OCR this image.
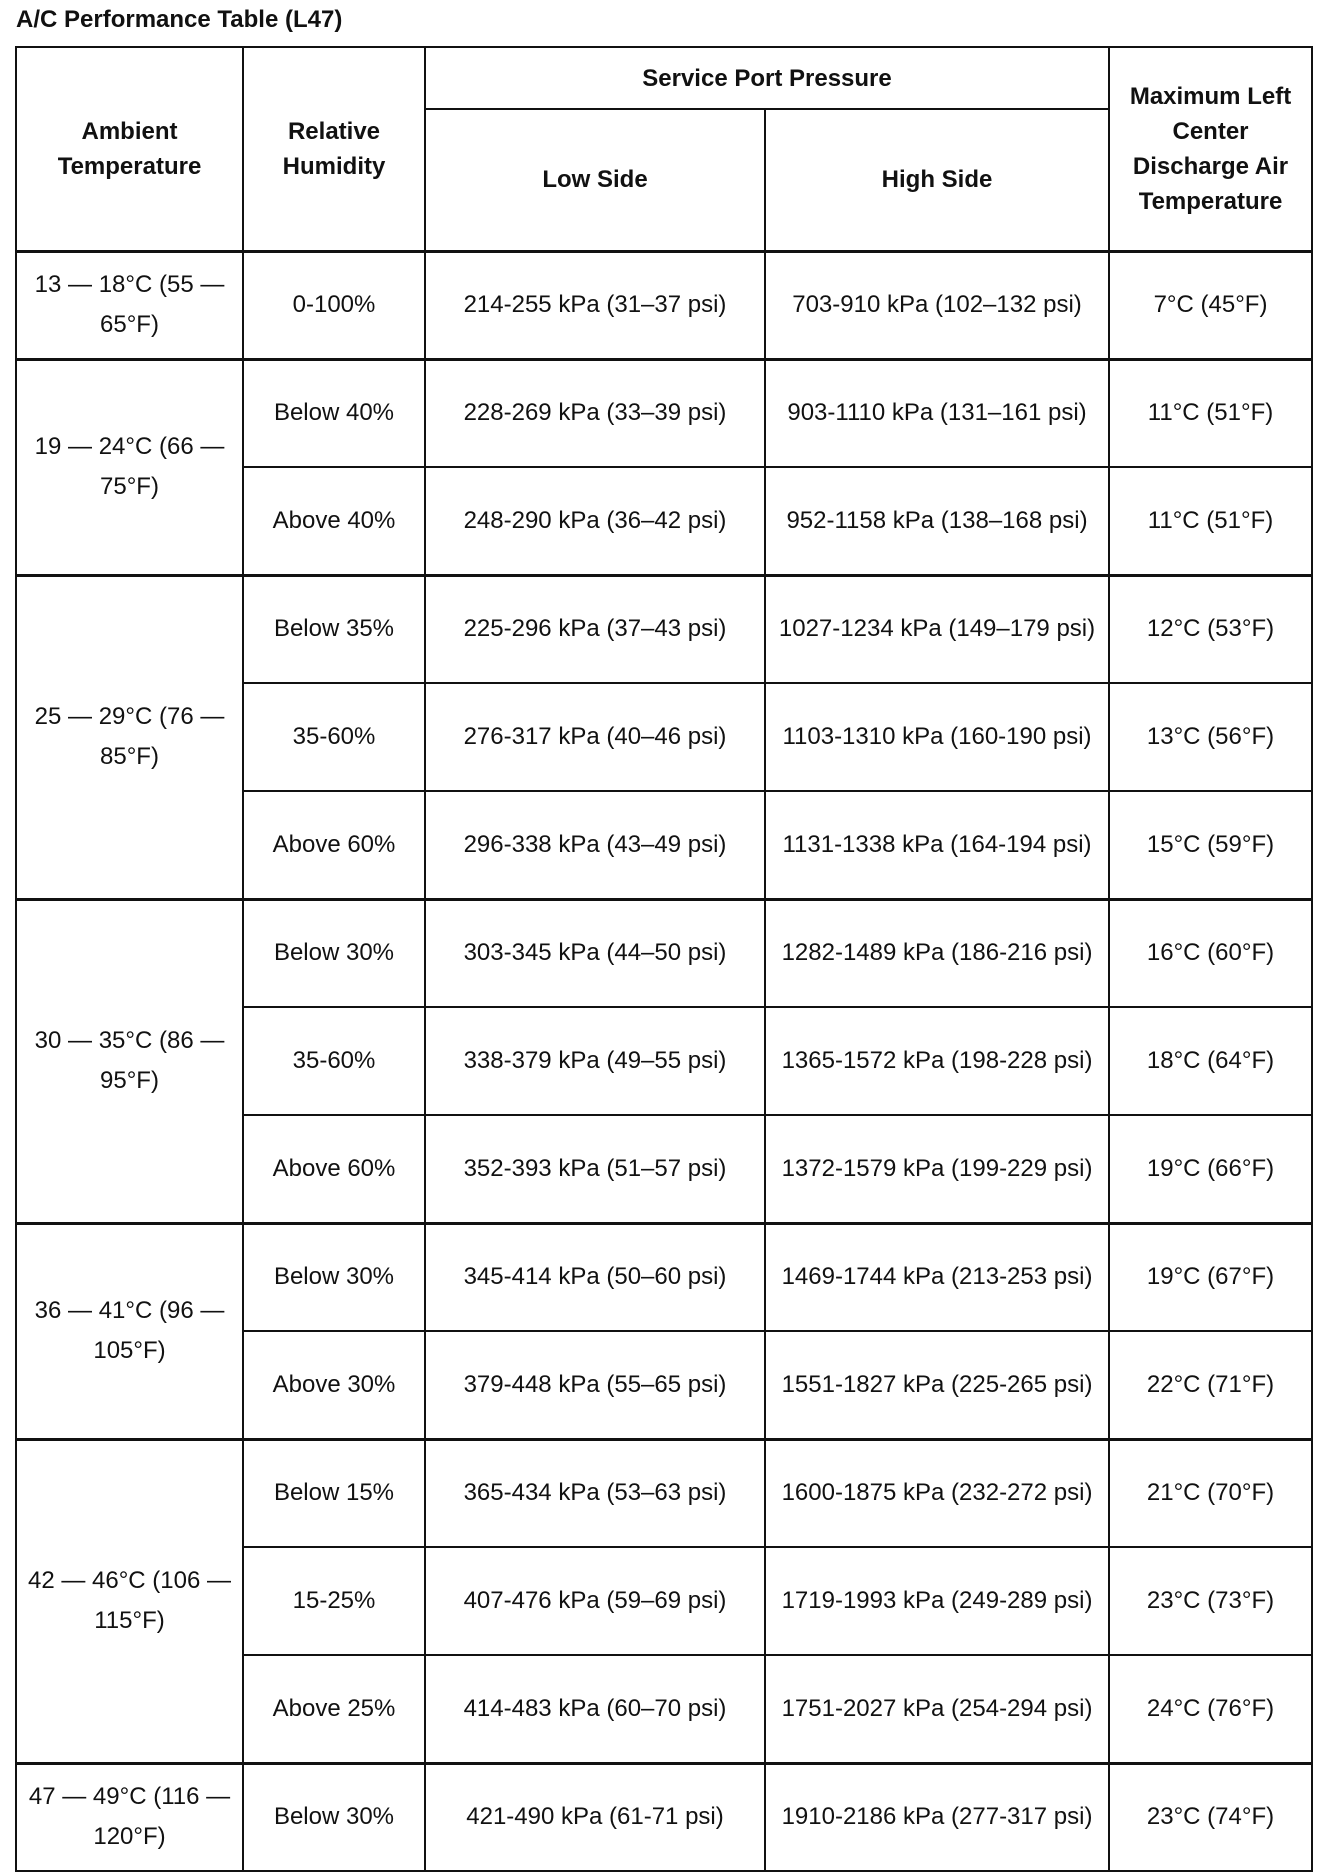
A/C Performance Table (L47)
Ambient Temperature	Relative Humidity	Service Port Pressure		Maximum Left Center Discharge Air Temperature
		Low Side	High Side	
13 — 18°C (55 — 65°F)	0-100%	214-255 kPa (31–37 psi)	703-910 kPa (102–132 psi)	7°C (45°F)
19 — 24°C (66 — 75°F)	Below 40%	228-269 kPa (33–39 psi)	903-1110 kPa (131–161 psi)	11°C (51°F)
	Above 40%	248-290 kPa (36–42 psi)	952-1158 kPa (138–168 psi)	11°C (51°F)
25 — 29°C (76 — 85°F)	Below 35%	225-296 kPa (37–43 psi)	1027-1234 kPa (149–179 psi)	12°C (53°F)
	35-60%	276-317 kPa (40–46 psi)	1103-1310 kPa (160-190 psi)	13°C (56°F)
	Above 60%	296-338 kPa (43–49 psi)	1131-1338 kPa (164-194 psi)	15°C (59°F)
30 — 35°C (86 — 95°F)	Below 30%	303-345 kPa (44–50 psi)	1282-1489 kPa (186-216 psi)	16°C (60°F)
	35-60%	338-379 kPa (49–55 psi)	1365-1572 kPa (198-228 psi)	18°C (64°F)
	Above 60%	352-393 kPa (51–57 psi)	1372-1579 kPa (199-229 psi)	19°C (66°F)
36 — 41°C (96 — 105°F)	Below 30%	345-414 kPa (50–60 psi)	1469-1744 kPa (213-253 psi)	19°C (67°F)
	Above 30%	379-448 kPa (55–65 psi)	1551-1827 kPa (225-265 psi)	22°C (71°F)
42 — 46°C (106 — 115°F)	Below 15%	365-434 kPa (53–63 psi)	1600-1875 kPa (232-272 psi)	21°C (70°F)
	15-25%	407-476 kPa (59–69 psi)	1719-1993 kPa (249-289 psi)	23°C (73°F)
	Above 25%	414-483 kPa (60–70 psi)	1751-2027 kPa (254-294 psi)	24°C (76°F)
47 — 49°C (116 — 120°F)	Below 30%	421-490 kPa (61-71 psi)	1910-2186 kPa (277-317 psi)	23°C (74°F)
